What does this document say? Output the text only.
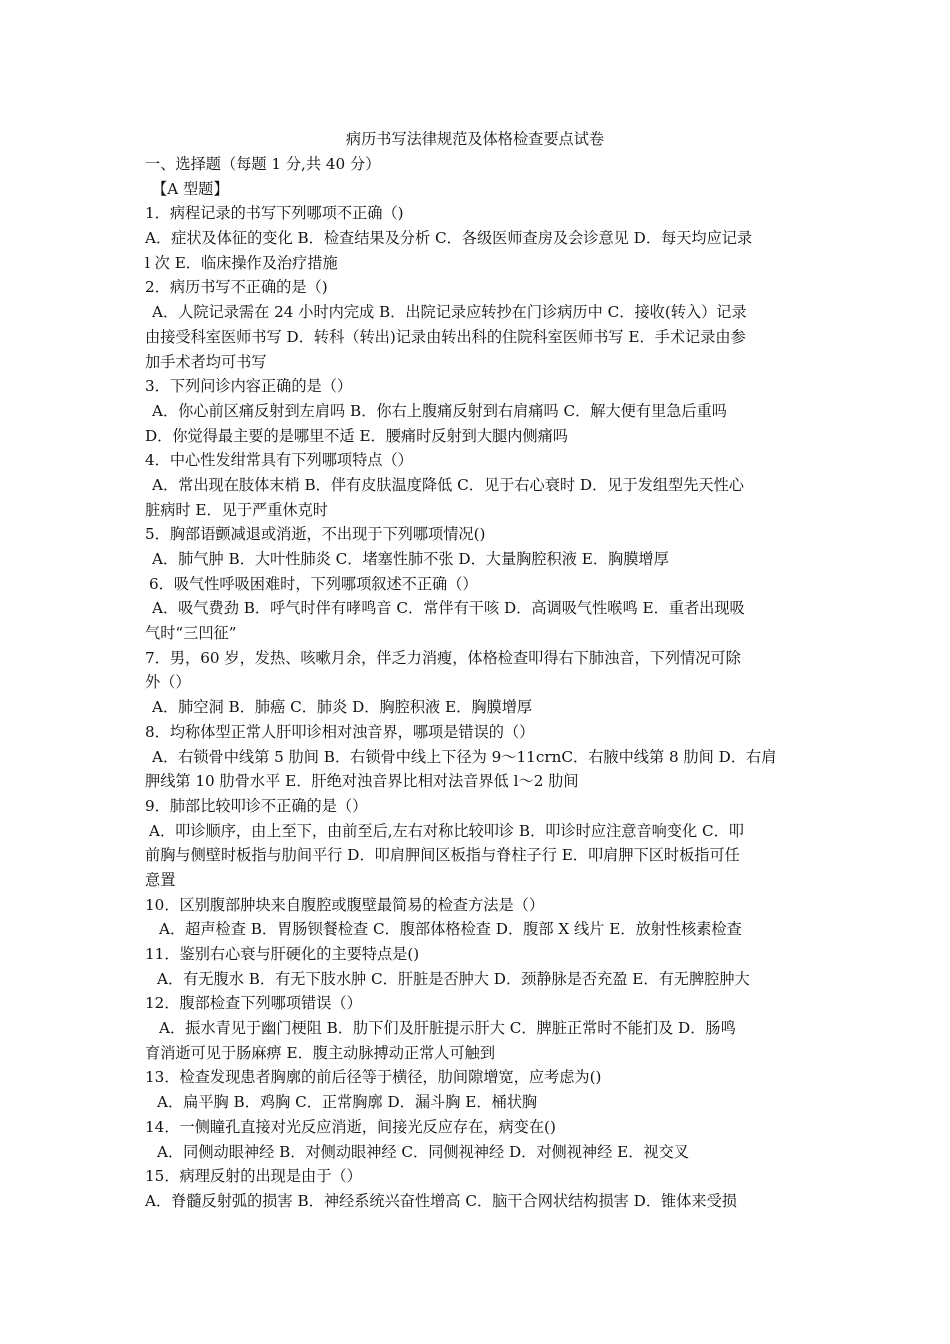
病历书写法律规范及体格检查要点试卷
一、选择题（每题 1 分,共 40 分）
【A 型题】
1．病程记录的书写下列哪项不正确（)
A．症状及体征的变化 B．检查结果及分析 C．各级医师查房及会诊意见 D．每天均应记录
l 次 E．临床操作及治疗措施
2．病历书写不正确的是（)
A．人院记录需在 24 小时内完成 B．出院记录应转抄在门诊病历中 C．接收(转入）记录
由接受科室医师书写 D．转科（转出)记录由转出科的住院科室医师书写 E．手术记录由参
加手术者均可书写
3．下列问诊内容正确的是（）
A．你心前区痛反射到左肩吗 B．你右上腹痛反射到右肩痛吗 C．解大便有里急后重吗
D．你觉得最主要的是哪里不适 E．腰痛时反射到大腿内侧痛吗
4．中心性发绀常具有下列哪项特点（）
A．常出现在肢体末梢 B．伴有皮肤温度降低 C．见于右心衰时 D．见于发组型先天性心
脏病时 E．见于严重休克时
5．胸部语颤减退或消逝，不出现于下列哪项情况()
A．肺气肿 B．大叶性肺炎 C．堵塞性肺不张 D．大量胸腔积液 E．胸膜增厚
6．吸气性呼吸困难时，下列哪项叙述不正确（）
A．吸气费劲 B．呼气时伴有哮鸣音 C．常伴有干咳 D．高调吸气性喉鸣 E．重者出现吸
气时“三凹征”
7．男，60 岁，发热、咳嗽月余，伴乏力消瘦，体格检查叩得右下肺浊音，下列情况可除
外（）
A．肺空洞 B．肺癌 C．肺炎 D．胸腔积液 E．胸膜增厚
8．均称体型正常人肝叩诊相对浊音界，哪项是错误的（）
A．右锁骨中线第 5 肋间 B．右锁骨中线上下径为 9～11crnC．右腋中线第 8 肋间 D．右肩
胛线第 10 肋骨水平 E．肝绝对浊音界比相对法音界低 l～2 肋间
9．肺部比较叩诊不正确的是（）
A．叩诊顺序，由上至下，由前至后,左右对称比较叩诊 B．叩诊时应注意音响变化 C．叩
前胸与侧壁时板指与肋间平行 D．叩肩胛间区板指与脊柱子行 E．叩肩胛下区时板指可任
意置
10．区别腹部肿块来自腹腔或腹壁最简易的检查方法是（）
A．超声检查 B．胃肠钡餐检查 C．腹部体格检查 D．腹部 X 线片 E．放射性核素检查
11．鉴别右心衰与肝硬化的主要特点是()
A．有无腹水 B．有无下肢水肿 C．肝脏是否肿大 D．颈静脉是否充盈 E．有无脾腔肿大
12．腹部检查下列哪项错误（）
A．振水青见于幽门梗阻 B．肋下们及肝脏提示肝大 C．脾脏正常时不能扪及 D．肠鸣
育消逝可见于肠麻痹 E．腹主动脉搏动正常人可触到
13．检查发现患者胸廓的前后径等于横径，肋间隙增宽，应考虑为()
A．扁平胸 B．鸡胸 C．正常胸廓 D．漏斗胸 E．桶状胸
14．一侧瞳孔直接对光反应消逝，间接光反应存在，病变在()
A．同侧动眼神经 B．对侧动眼神经 C．同侧视神经 D．对侧视神经 E．视交叉
15．病理反射的出现是由于（）
A．脊髓反射弧的损害 B．神经系统兴奋性增高 C．脑干合网状结构损害 D．锥体来受损
